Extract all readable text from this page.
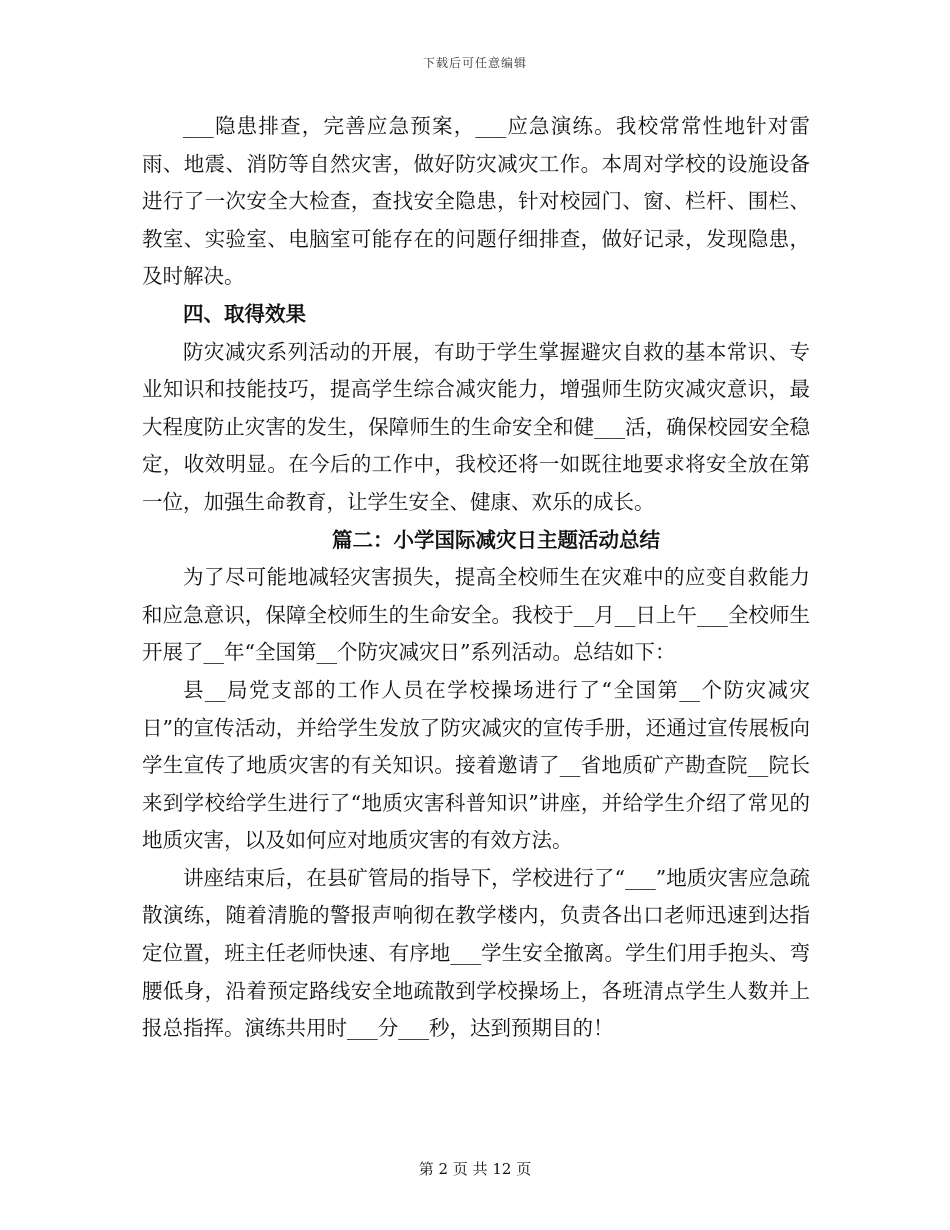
下载后可任意编辑

___隐患排查，完善应急预案，___应急演练。我校常常性地针对雷雨、地震、消防等自然灾害，做好防灾减灾工作。本周对学校的设施设备进行了一次安全大检查，查找安全隐患，针对校园门、窗、栏杆、围栏、教室、实验室、电脑室可能存在的问题仔细排查，做好记录，发现隐患，及时解决。

四、取得效果

防灾减灾系列活动的开展，有助于学生掌握避灾自救的基本常识、专业知识和技能技巧，提高学生综合减灾能力，增强师生防灾减灾意识，最大程度防止灾害的发生，保障师生的生命安全和健___活，确保校园安全稳定，收效明显。在今后的工作中，我校还将一如既往地要求将安全放在第一位，加强生命教育，让学生安全、健康、欢乐的成长。

篇二：小学国际减灾日主题活动总结

为了尽可能地减轻灾害损失，提高全校师生在灾难中的应变自救能力和应急意识，保障全校师生的生命安全。我校于__月__日上午___全校师生开展了__年“全国第__个防灾减灾日”系列活动。总结如下：

县__局党支部的工作人员在学校操场进行了“全国第__个防灾减灾日”的宣传活动，并给学生发放了防灾减灾的宣传手册，还通过宣传展板向学生宣传了地质灾害的有关知识。接着邀请了__省地质矿产勘查院__院长来到学校给学生进行了“地质灾害科普知识”讲座，并给学生介绍了常见的地质灾害，以及如何应对地质灾害的有效方法。

讲座结束后，在县矿管局的指导下，学校进行了“___”地质灾害应急疏散演练，随着清脆的警报声响彻在教学楼内，负责各出口老师迅速到达指定位置，班主任老师快速、有序地___学生安全撤离。学生们用手抱头、弯腰低身，沿着预定路线安全地疏散到学校操场上，各班清点学生人数并上报总指挥。演练共用时___分___秒，达到预期目的！

第 2 页 共 12 页
